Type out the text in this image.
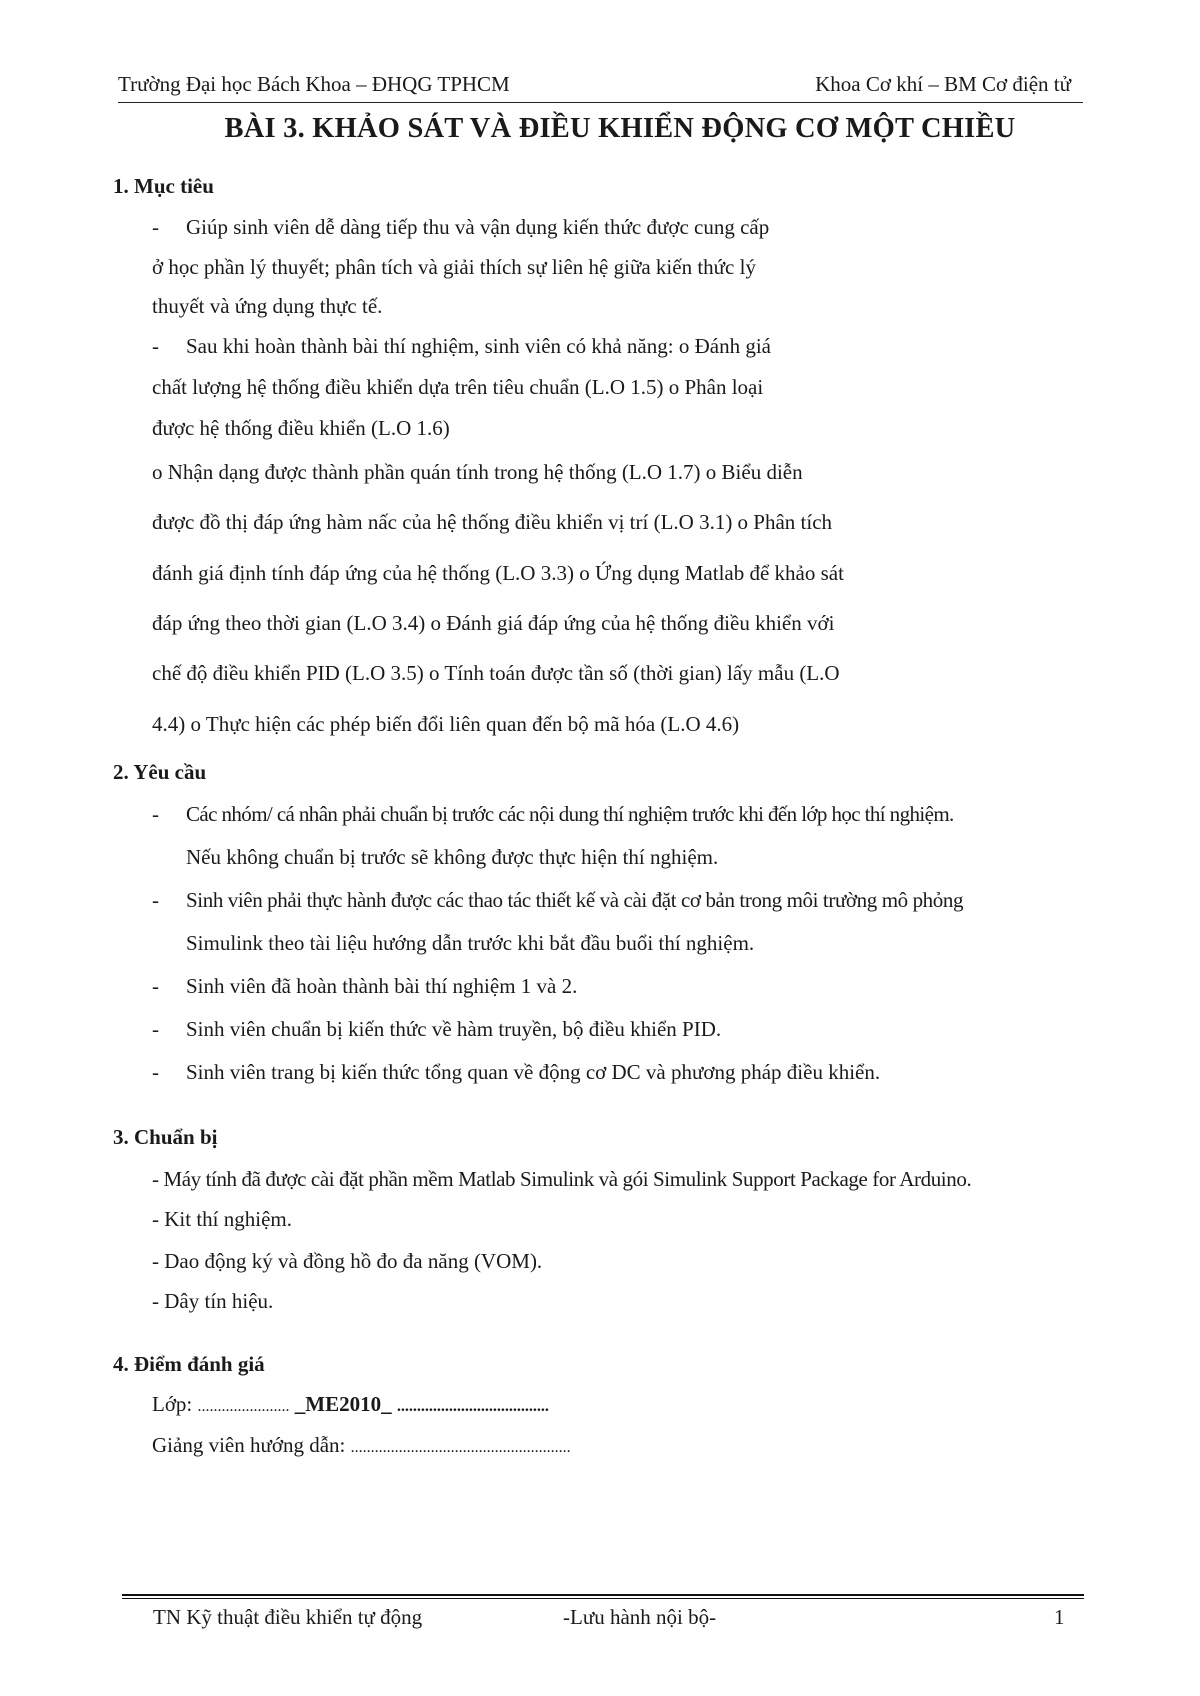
Trường Đại học Bách Khoa – ĐHQG TPHCM	Khoa Cơ khí – BM Cơ điện tử
BÀI 3. KHẢO SÁT VÀ ĐIỀU KHIỂN ĐỘNG CƠ MỘT CHIỀU
1. Mục tiêu
- Giúp sinh viên dễ dàng tiếp thu và vận dụng kiến thức được cung cấp
ở học phần lý thuyết; phân tích và giải thích sự liên hệ giữa kiến thức lý
thuyết và ứng dụng thực tế.
- Sau khi hoàn thành bài thí nghiệm, sinh viên có khả năng: o Đánh giá
chất lượng hệ thống điều khiển dựa trên tiêu chuẩn (L.O 1.5) o Phân loại
được hệ thống điều khiển (L.O 1.6)
o Nhận dạng được thành phần quán tính trong hệ thống (L.O 1.7) o Biểu diễn
được đồ thị đáp ứng hàm nấc của hệ thống điều khiển vị trí (L.O 3.1) o Phân tích
đánh giá định tính đáp ứng của hệ thống (L.O 3.3) o Ứng dụng Matlab để khảo sát
đáp ứng theo thời gian (L.O 3.4) o Đánh giá đáp ứng của hệ thống điều khiển với
chế độ điều khiển PID (L.O 3.5) o Tính toán được tần số (thời gian) lấy mẫu (L.O
4.4) o Thực hiện các phép biến đổi liên quan đến bộ mã hóa (L.O 4.6)
2. Yêu cầu
- Các nhóm/ cá nhân phải chuẩn bị trước các nội dung thí nghiệm trước khi đến lớp học thí nghiệm.
Nếu không chuẩn bị trước sẽ không được thực hiện thí nghiệm.
- Sinh viên phải thực hành được các thao tác thiết kế và cài đặt cơ bản trong môi trường mô phỏng
Simulink theo tài liệu hướng dẫn trước khi bắt đầu buổi thí nghiệm.
- Sinh viên đã hoàn thành bài thí nghiệm 1 và 2.
- Sinh viên chuẩn bị kiến thức về hàm truyền, bộ điều khiển PID.
- Sinh viên trang bị kiến thức tổng quan về động cơ DC và phương pháp điều khiển.
3. Chuẩn bị
- Máy tính đã được cài đặt phần mềm Matlab Simulink và gói Simulink Support Package for Arduino.
- Kit thí nghiệm.
- Dao động ký và đồng hồ đo đa năng (VOM).
- Dây tín hiệu.
4. Điểm đánh giá
Lớp: ....................... _ME2010_ ......................................
Giảng viên hướng dẫn: .......................................................
TN Kỹ thuật điều khiển tự động	-Lưu hành nội bộ-	1
